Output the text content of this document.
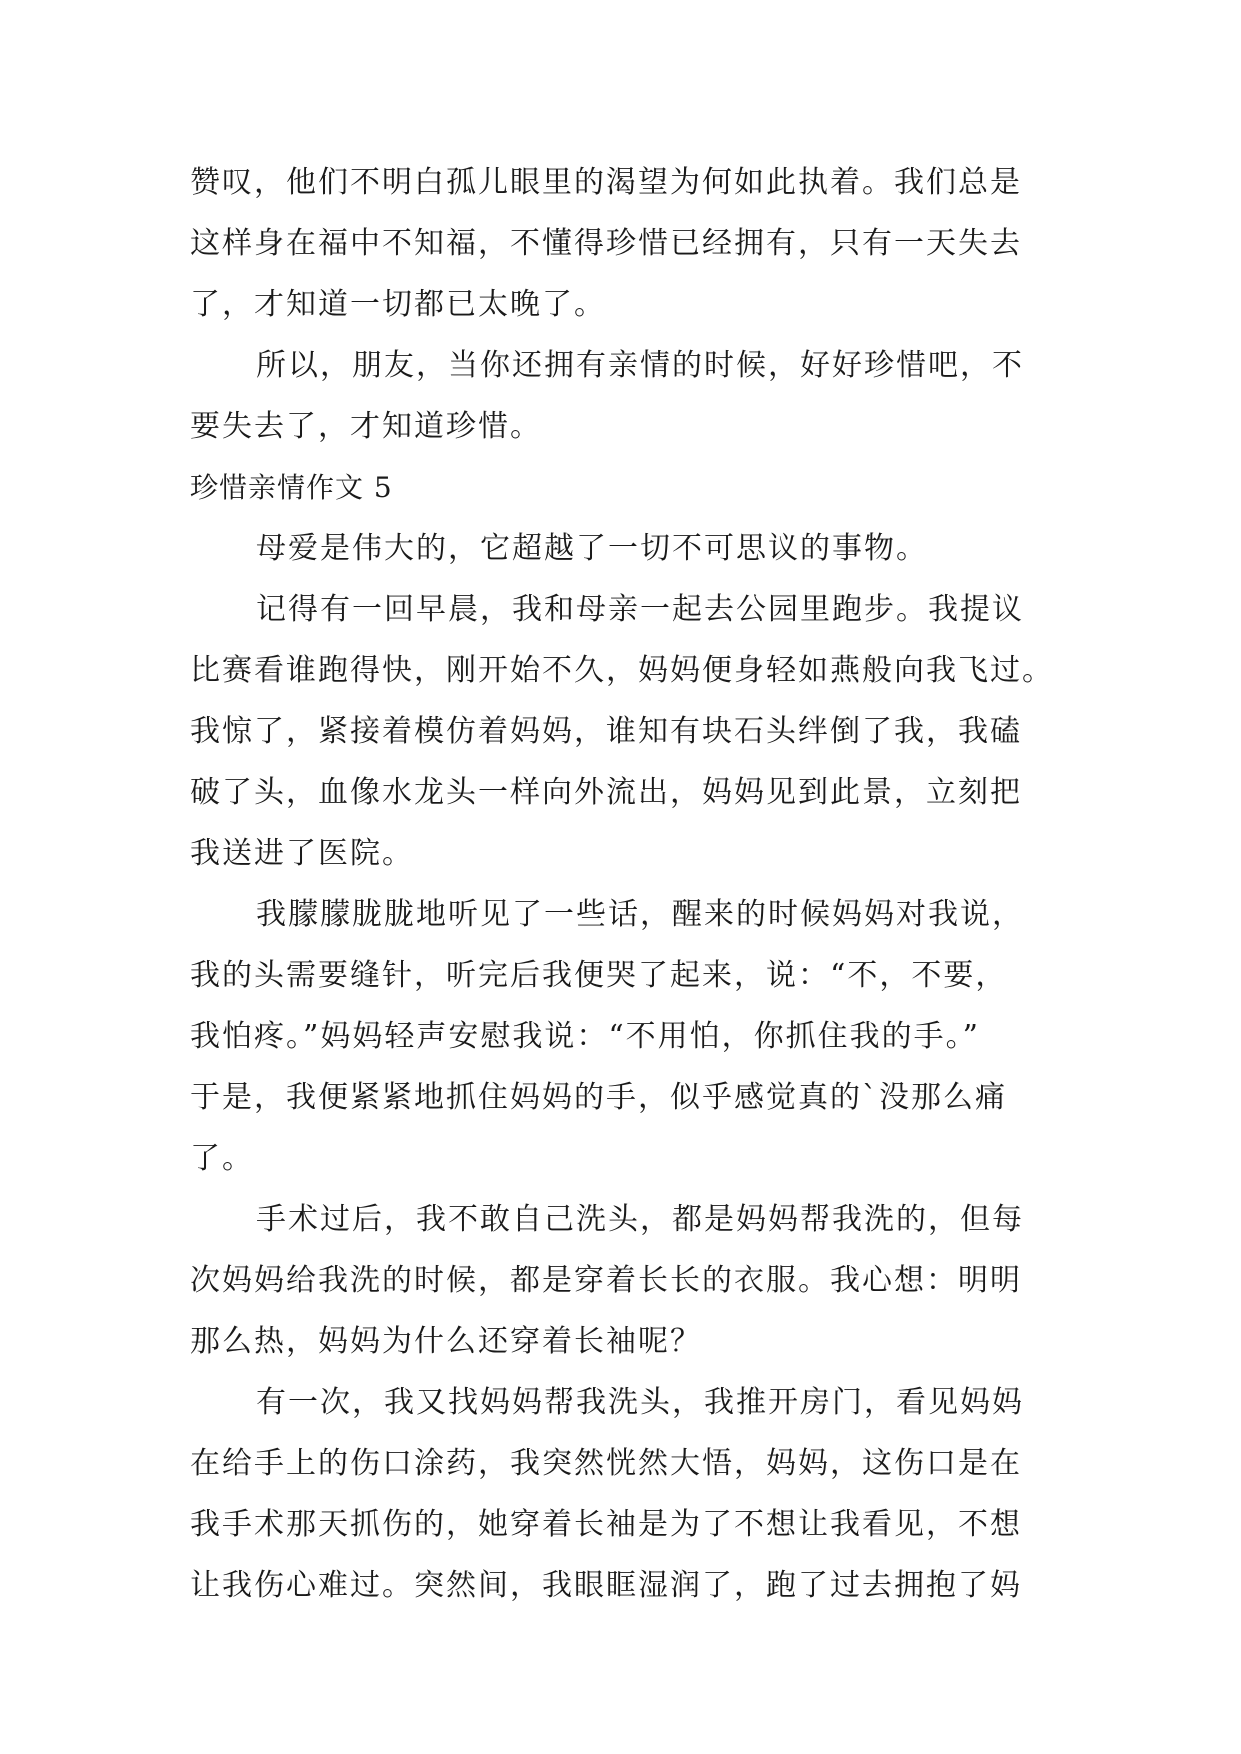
赞叹，他们不明白孤儿眼里的渴望为何如此执着。我们总是
这样身在福中不知福，不懂得珍惜已经拥有，只有一天失去
了，才知道一切都已太晚了。
所以，朋友，当你还拥有亲情的时候，好好珍惜吧，不
要失去了，才知道珍惜。
珍惜亲情作文 5
母爱是伟大的，它超越了一切不可思议的事物。
记得有一回早晨，我和母亲一起去公园里跑步。我提议
比赛看谁跑得快，刚开始不久，妈妈便身轻如燕般向我飞过。
我惊了，紧接着模仿着妈妈，谁知有块石头绊倒了我，我磕
破了头，血像水龙头一样向外流出，妈妈见到此景，立刻把
我送进了医院。
我朦朦胧胧地听见了一些话，醒来的时候妈妈对我说，
我的头需要缝针，听完后我便哭了起来，说：“不，不要，
我怕疼。”妈妈轻声安慰我说：“不用怕，你抓住我的手。”
于是，我便紧紧地抓住妈妈的手，似乎感觉真的`没那么痛
了。
手术过后，我不敢自己洗头，都是妈妈帮我洗的，但每
次妈妈给我洗的时候，都是穿着长长的衣服。我心想：明明
那么热，妈妈为什么还穿着长袖呢？
有一次，我又找妈妈帮我洗头，我推开房门，看见妈妈
在给手上的伤口涂药，我突然恍然大悟，妈妈，这伤口是在
我手术那天抓伤的，她穿着长袖是为了不想让我看见，不想
让我伤心难过。突然间，我眼眶湿润了，跑了过去拥抱了妈
